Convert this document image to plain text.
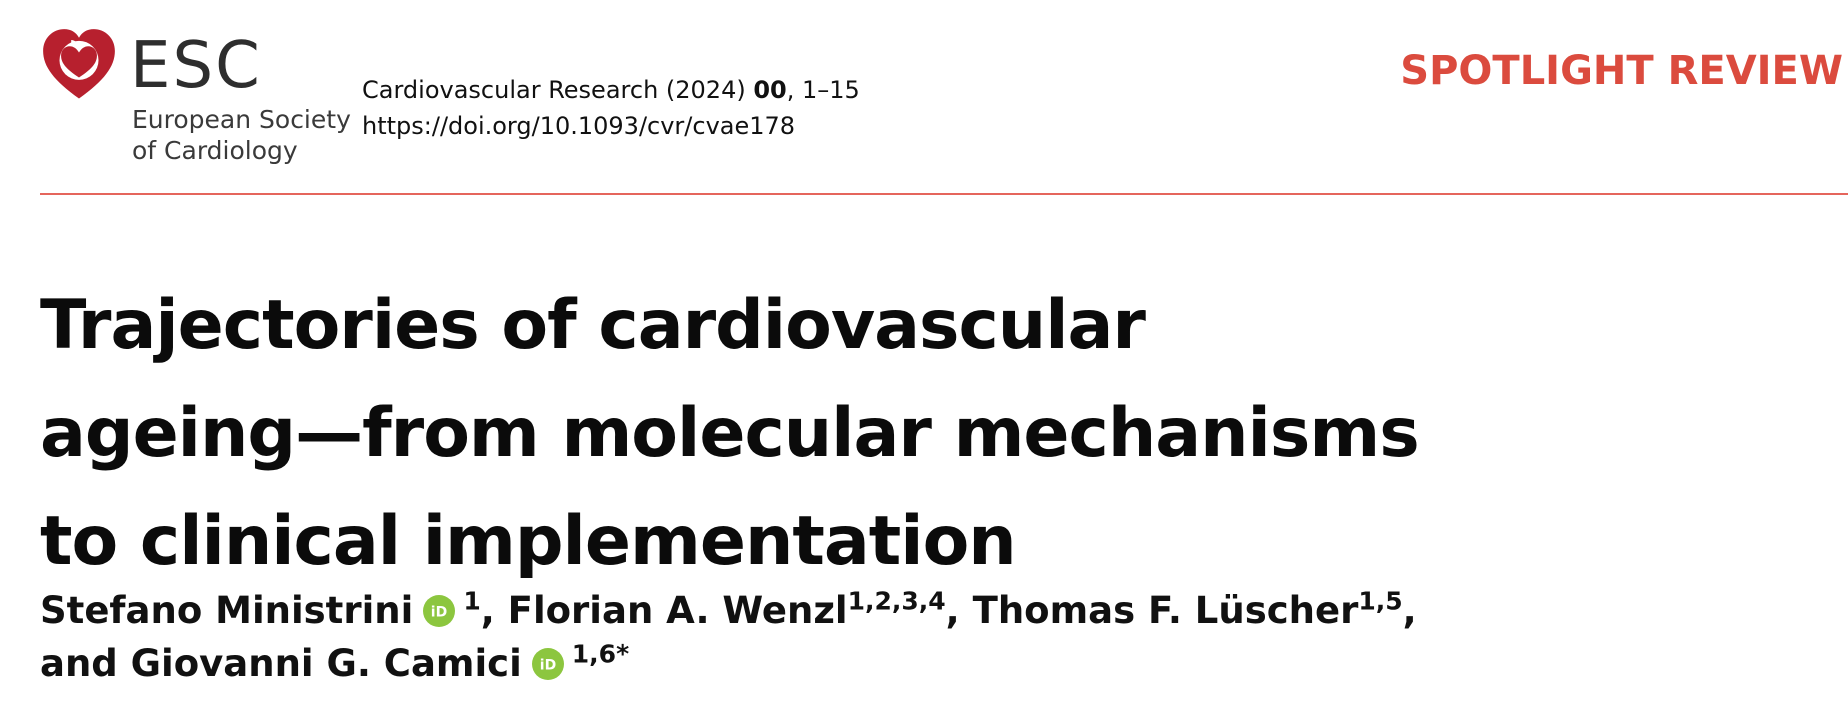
ESC
European Society
of Cardiology
Cardiovascular Research (2024) 00, 1–15
https://doi.org/10.1093/cvr/cvae178
SPOTLIGHT REVIEW
Trajectories of cardiovascular
ageing—from molecular mechanisms
to clinical implementation
Stefano Ministrini iD $^1$, Florian A. Wenzl$^{1,2,3,4}$, Thomas F. Lüscher$^{1,5}$,
and Giovanni G. Camici iD $^{1,6*}$
